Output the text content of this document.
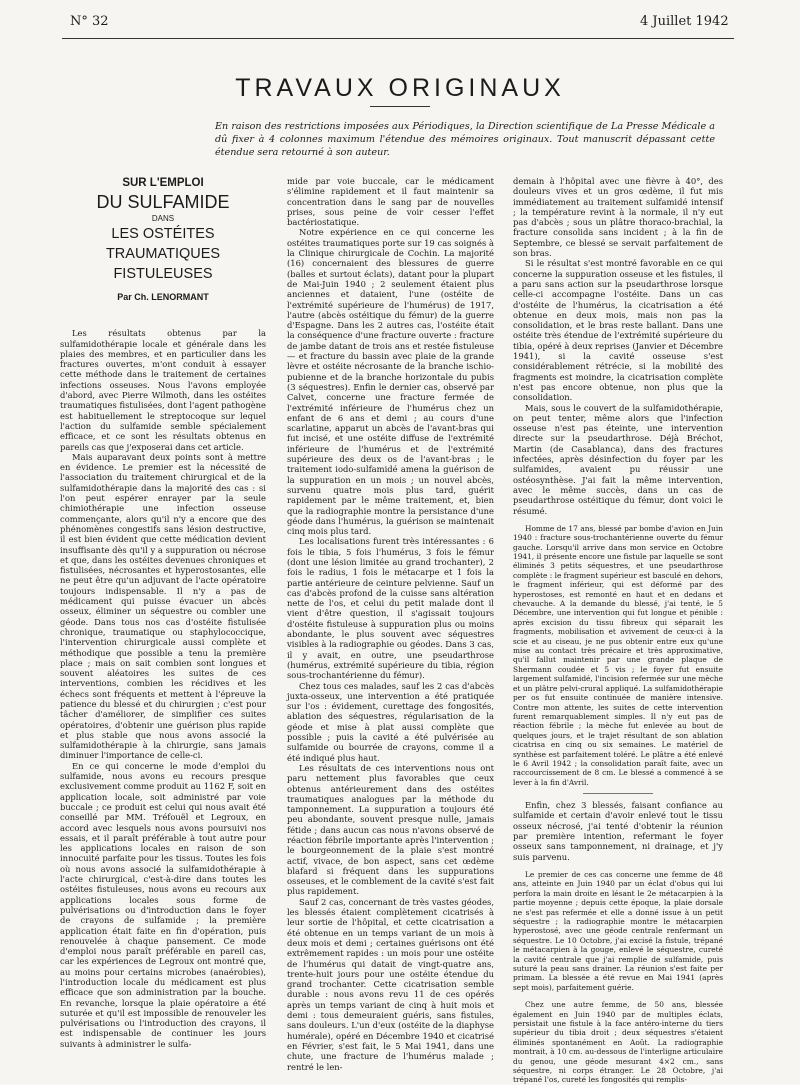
N° 32	4 Juillet 1942
TRAVAUX ORIGINAUX
En raison des restrictions imposées aux Périodiques, la Direction scientifique de La Presse Médicale a dû fixer à 4 colonnes maximum l'étendue des mémoires originaux. Tout manuscrit dépassant cette étendue sera retourné à son auteur.
SUR L'EMPLOI
DU SULFAMIDE
DANS
LES OSTÉITES
TRAUMATIQUES FISTULEUSES
Par Ch. LENORMANT

Les résultats obtenus par la sulfamidothérapie locale et générale dans les plaies des membres, et en particulier dans les fractures ouvertes, m'ont conduit à essayer cette méthode dans le traitement de certaines infections osseuses. Nous l'avons employée d'abord, avec Pierre Wilmoth, dans les ostéites traumatiques fistulisées, dont l'agent pathogène est habituellement le streptocoque sur lequel l'action du sulfamide semble spécialement efficace, et ce sont les résultats obtenus en pareils cas que j'exposerai dans cet article.

Mais auparavant deux points sont à mettre en évidence. Le premier est la nécessité de l'association du traitement chirurgical et de la sulfamidothérapie dans la majorité des cas : si l'on peut espérer enrayer par la seule chimiothérapie une infection osseuse commençante, alors qu'il n'y a encore que des phénomènes congestifs sans lésion destructive, il est bien évident que cette médication devient insuffisante dès qu'il y a suppuration ou nécrose et que, dans les ostéites devenues chroniques et fistulisées, nécrosantes et hyperostosantes, elle ne peut être qu'un adjuvant de l'acte opératoire toujours indispensable. Il n'y a pas de médicament qui puisse évacuer un abcès osseux, éliminer un séquestre ou combler une géode. Dans tous nos cas d'ostéite fistulisée chronique, traumatique ou staphylococcique, l'intervention chirurgicale aussi complète et méthodique que possible a tenu la première place ; mais on sait combien sont longues et souvent aléatoires les suites de ces interventions, combien les récidives et les échecs sont fréquents et mettent à l'épreuve la patience du blessé et du chirurgien ; c'est pour tâcher d'améliorer, de simplifier ces suites opératoires, d'obtenir une guérison plus rapide et plus stable que nous avons associé la sulfamidothérapie à la chirurgie, sans jamais diminuer l'importance de celle-ci.

En ce qui concerne le mode d'emploi du sulfamide, nous avons eu recours presque exclusivement comme produit au 1162 F, soit en application locale, soit administré par voie buccale ; ce produit est celui qui nous avait été conseillé par MM. Tréfouël et Legroux, en accord avec lesquels nous avons poursuivi nos essais, et il paraît préférable à tout autre pour les applications locales en raison de son innocuité parfaite pour les tissus. Toutes les fois où nous avons associé la sulfamidothérapie à l'acte chirurgical, c'est-à-dire dans toutes les ostéites fistuleuses, nous avons eu recours aux applications locales sous forme de pulvérisations ou d'introduction dans le foyer de crayons de sulfamide ; la première application était faite en fin d'opération, puis renouvelée à chaque pansement. Ce mode d'emploi nous paraît préférable en pareil cas, car les expériences de Legroux ont montré que, au moins pour certains microbes (anaérobies), l'introduction locale du médicament est plus efficace que son administration par la bouche. En revanche, lorsque la plaie opératoire a été suturée et qu'il est impossible de renouveler les pulvérisations ou l'introduction des crayons, il est indispensable de continuer les jours suivants à administrer le sulfa-

mide par voie buccale, car le médicament s'élimine rapidement et il faut maintenir sa concentration dans le sang par de nouvelles prises, sous peine de voir cesser l'effet bactériostatique.

Notre expérience en ce qui concerne les ostéites traumatiques porte sur 19 cas soignés à la Clinique chirurgicale de Cochin. La majorité (16) concernaient des blessures de guerre (balles et surtout éclats), datant pour la plupart de Mai-Juin 1940 ; 2 seulement étaient plus anciennes et dataient, l'une (ostéite de l'extrémité supérieure de l'humérus) de 1917, l'autre (abcès ostéitique du fémur) de la guerre d'Espagne. Dans les 2 autres cas, l'ostéite était la conséquence d'une fracture ouverte : fracture de jambe datant de trois ans et restée fistuleuse — et fracture du bassin avec plaie de la grande lèvre et ostéite nécrosante de la branche ischio-pubienne et de la branche horizontale du pubis (3 séquestres). Enfin le dernier cas, observé par Calvet, concerne une fracture fermée de l'extrémité inférieure de l'humérus chez un enfant de 6 ans et demi ; au cours d'une scarlatine, apparut un abcès de l'avant-bras qui fut incisé, et une ostéite diffuse de l'extrémité inférieure de l'humérus et de l'extrémité supérieure des deux os de l'avant-bras ; le traitement iodo-sulfamidé amena la guérison de la suppuration en un mois ; un nouvel abcès, survenu quatre mois plus tard, guérit rapidement par le même traitement, et, bien que la radiographie montre la persistance d'une géode dans l'humérus, la guérison se maintenait cinq mois plus tard.

Les localisations furent très intéressantes : 6 fois le tibia, 5 fois l'humérus, 3 fois le fémur (dont une lésion limitée au grand trochanter), 2 fois le radius, 1 fois le métacarpe et 1 fois la partie antérieure de ceinture pelvienne. Sauf un cas d'abcès profond de la cuisse sans altération nette de l'os, et celui du petit malade dont il vient d'être question, il s'agissait toujours d'ostéite fistuleuse à suppuration plus ou moins abondante, le plus souvent avec séquestres visibles à la radiographie ou géodes. Dans 3 cas, il y avait, en outre, une pseudarthrose (humérus, extrémité supérieure du tibia, région sous-trochantérienne du fémur).

Chez tous ces malades, sauf les 2 cas d'abcès juxta-osseux, une intervention a été pratiquée sur l'os : évidement, curettage des fongosités, ablation des séquestres, régularisation de la géode et mise à plat aussi complète que possible ; puis la cavité a été pulvérisée au sulfamide ou bourrée de crayons, comme il a été indiqué plus haut.

Les résultats de ces interventions nous ont paru nettement plus favorables que ceux obtenus antérieurement dans des ostéites traumatiques analogues par la méthode du tamponnement. La suppuration a toujours été peu abondante, souvent presque nulle, jamais fétide ; dans aucun cas nous n'avons observé de réaction fébrile importante après l'intervention ; le bourgeonnement de la plaie s'est montré actif, vivace, de bon aspect, sans cet œdème blafard si fréquent dans les suppurations osseuses, et le comblement de la cavité s'est fait plus rapidement.

Sauf 2 cas, concernant de très vastes géodes, les blessés étaient complètement cicatrisés à leur sortie de l'hôpital, et cette cicatrisation a été obtenue en un temps variant de un mois à deux mois et demi ; certaines guérisons ont été extrêmement rapides : un mois pour une ostéite de l'humérus qui datait de vingt-quatre ans, trente-huit jours pour une ostéite étendue du grand trochanter. Cette cicatrisation semble durable : nous avons revu 11 de ces opérés après un temps variant de cinq à huit mois et demi : tous demeuraient guéris, sans fistules, sans douleurs. L'un d'eux (ostéite de la diaphyse humérale), opéré en Décembre 1940 et cicatrisé en Février, s'est fait, le 5 Mai 1941, dans une chute, une fracture de l'humérus malade ; rentré le len-

demain à l'hôpital avec une fièvre à 40°, des douleurs vives et un gros œdème, il fut mis immédiatement au traitement sulfamidé intensif ; la température revint à la normale, il n'y eut pas d'abcès ; sous un plâtre thoraco-brachial, la fracture consolida sans incident ; à la fin de Septembre, ce blessé se servait parfaitement de son bras.

Si le résultat s'est montré favorable en ce qui concerne la suppuration osseuse et les fistules, il a paru sans action sur la pseudarthrose lorsque celle-ci accompagne l'ostéite. Dans un cas d'ostéite de l'humérus, la cicatrisation a été obtenue en deux mois, mais non pas la consolidation, et le bras reste ballant. Dans une ostéite très étendue de l'extrémité supérieure du tibia, opéré à deux reprises (Janvier et Décembre 1941), si la cavité osseuse s'est considérablement rétrécie, si la mobilité des fragments est moindre, la cicatrisation complète n'est pas encore obtenue, non plus que la consolidation.

Mais, sous le couvert de la sulfamidothérapie, on peut tenter, même alors que l'infection osseuse n'est pas éteinte, une intervention directe sur la pseudarthrose. Déjà Bréchot, Martin (de Casablanca), dans des fractures infectées, après désinfection du foyer par les sulfamides, avaient pu réussir une ostéosynthèse. J'ai fait la même intervention, avec le même succès, dans un cas de pseudarthrose ostéitique du fémur, dont voici le résumé.

Homme de 17 ans, blessé par bombe d'avion en Juin 1940 : fracture sous-trochantérienne ouverte du fémur gauche. Lorsqu'il arrive dans mon service en Octobre 1941, il présente encore une fistule par laquelle se sont éliminés 3 petits séquestres, et une pseudarthrose complète : le fragment supérieur est basculé en dehors, le fragment inférieur, qui est déformé par des hyperostoses, est remonté en haut et en dedans et chevauche. A la demande du blessé, j'ai tenté, le 5 Décembre, une intervention qui fut longue et pénible : après excision du tissu fibreux qui séparait les fragments, mobilisation et avivement de ceux-ci à la scie et au ciseau, je ne pus obtenir entre eux qu'une mise au contact très précaire et très approximative, qu'il fallut maintenir par une grande plaque de Shermann coudée et 5 vis ; le foyer fut ensuite largement sulfamidé, l'incision refermée sur une mèche et un plâtre pelvi-crural appliqué. La sulfamidothérapie per os fut ensuite continuée de manière intensive. Contre mon attente, les suites de cette intervention furent remarquablement simples. Il n'y eut pas de réaction fébrile ; la mèche fut enlevée au bout de quelques jours, et le trajet résultant de son ablation cicatrisa en cinq ou six semaines. Le matériel de synthèse est parfaitement toléré. Le plâtre a été enlevé le 6 Avril 1942 ; la consolidation paraît faite, avec un raccourcissement de 8 cm. Le blessé a commencé à se lever à la fin d'Avril.

Enfin, chez 3 blessés, faisant confiance au sulfamide et certain d'avoir enlevé tout le tissu osseux nécrosé, j'ai tenté d'obtenir la réunion par première intention, refermant le foyer osseux sans tamponnement, ni drainage, et j'y suis parvenu.

Le premier de ces cas concerne une femme de 48 ans, atteinte en Juin 1940 par un éclat d'obus qui lui perfora la main droite en lésant le 2e métacarpien à la partie moyenne ; depuis cette époque, la plaie dorsale ne s'est pas refermée et elle a donné issue à un petit séquestre ; la radiographie montre le métacarpien hyperostosé, avec une géode centrale renfermant un séquestre. Le 10 Octobre, j'ai excisé la fistule, trépané le métacarpien à la gouge, enlevé le séquestre, cureté la cavité centrale que j'ai remplie de sulfamide, puis suturé la peau sans drainer. La réunion s'est faite per primam. La blessée a été revue en Mai 1941 (après sept mois), parfaitement guérie.

Chez une autre femme, de 50 ans, blessée également en Juin 1940 par de multiples éclats, persistait une fistule à la face antéro-interne du tiers supérieur du tibia droit ; deux séquestres s'étaient éliminés spontanément en Août. La radiographie montrait, à 10 cm. au-dessous de l'interligne articulaire du genou, une géode mesurant 4×2 cm., sans séquestre, ni corps étranger. Le 28 Octobre, j'ai trépané l'os, cureté les fongosités qui remplis-
